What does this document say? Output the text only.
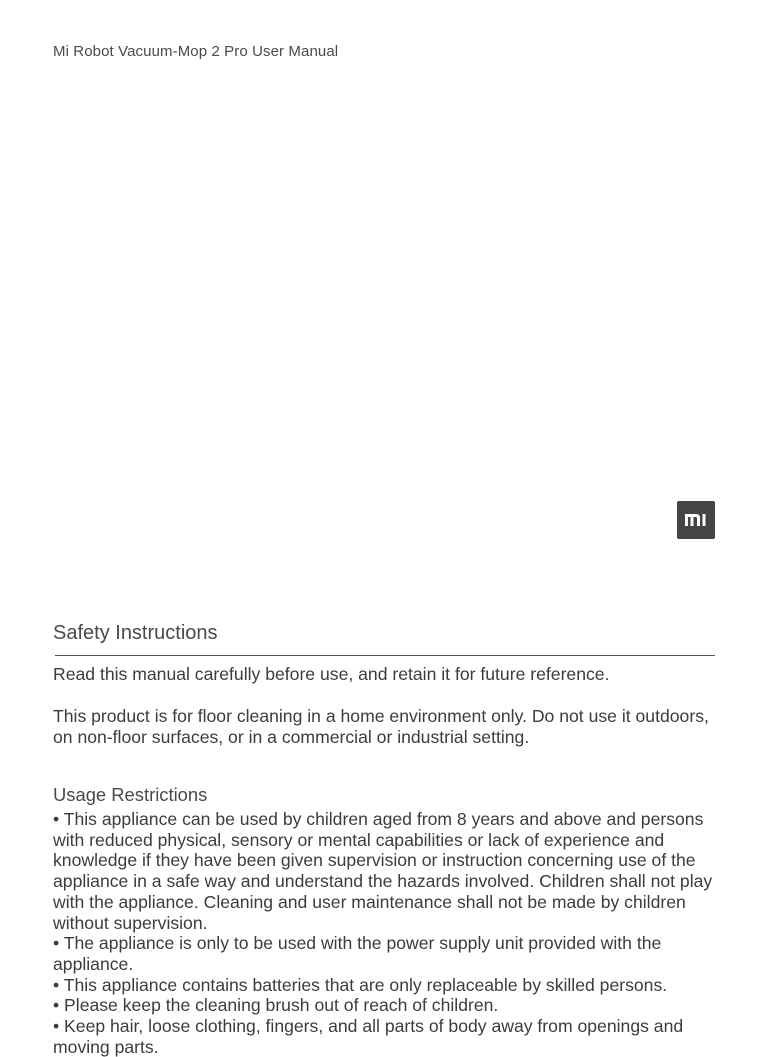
Mi Robot Vacuum-Mop 2 Pro User Manual
Safety Instructions

Read this manual carefully before use, and retain it for future reference.

This product is for floor cleaning in a home environment only. Do not use it outdoors, on non-floor surfaces, or in a commercial or industrial setting.

Usage Restrictions
• This appliance can be used by children aged from 8 years and above and persons with reduced physical, sensory or mental capabilities or lack of experience and knowledge if they have been given supervision or instruction concerning use of the appliance in a safe way and understand the hazards involved. Children shall not play with the appliance. Cleaning and user maintenance shall not be made by children without supervision.
• The appliance is only to be used with the power supply unit provided with the appliance.
• This appliance contains batteries that are only replaceable by skilled persons.
• Please keep the cleaning brush out of reach of children.
• Keep hair, loose clothing, fingers, and all parts of body away from openings and moving parts.
